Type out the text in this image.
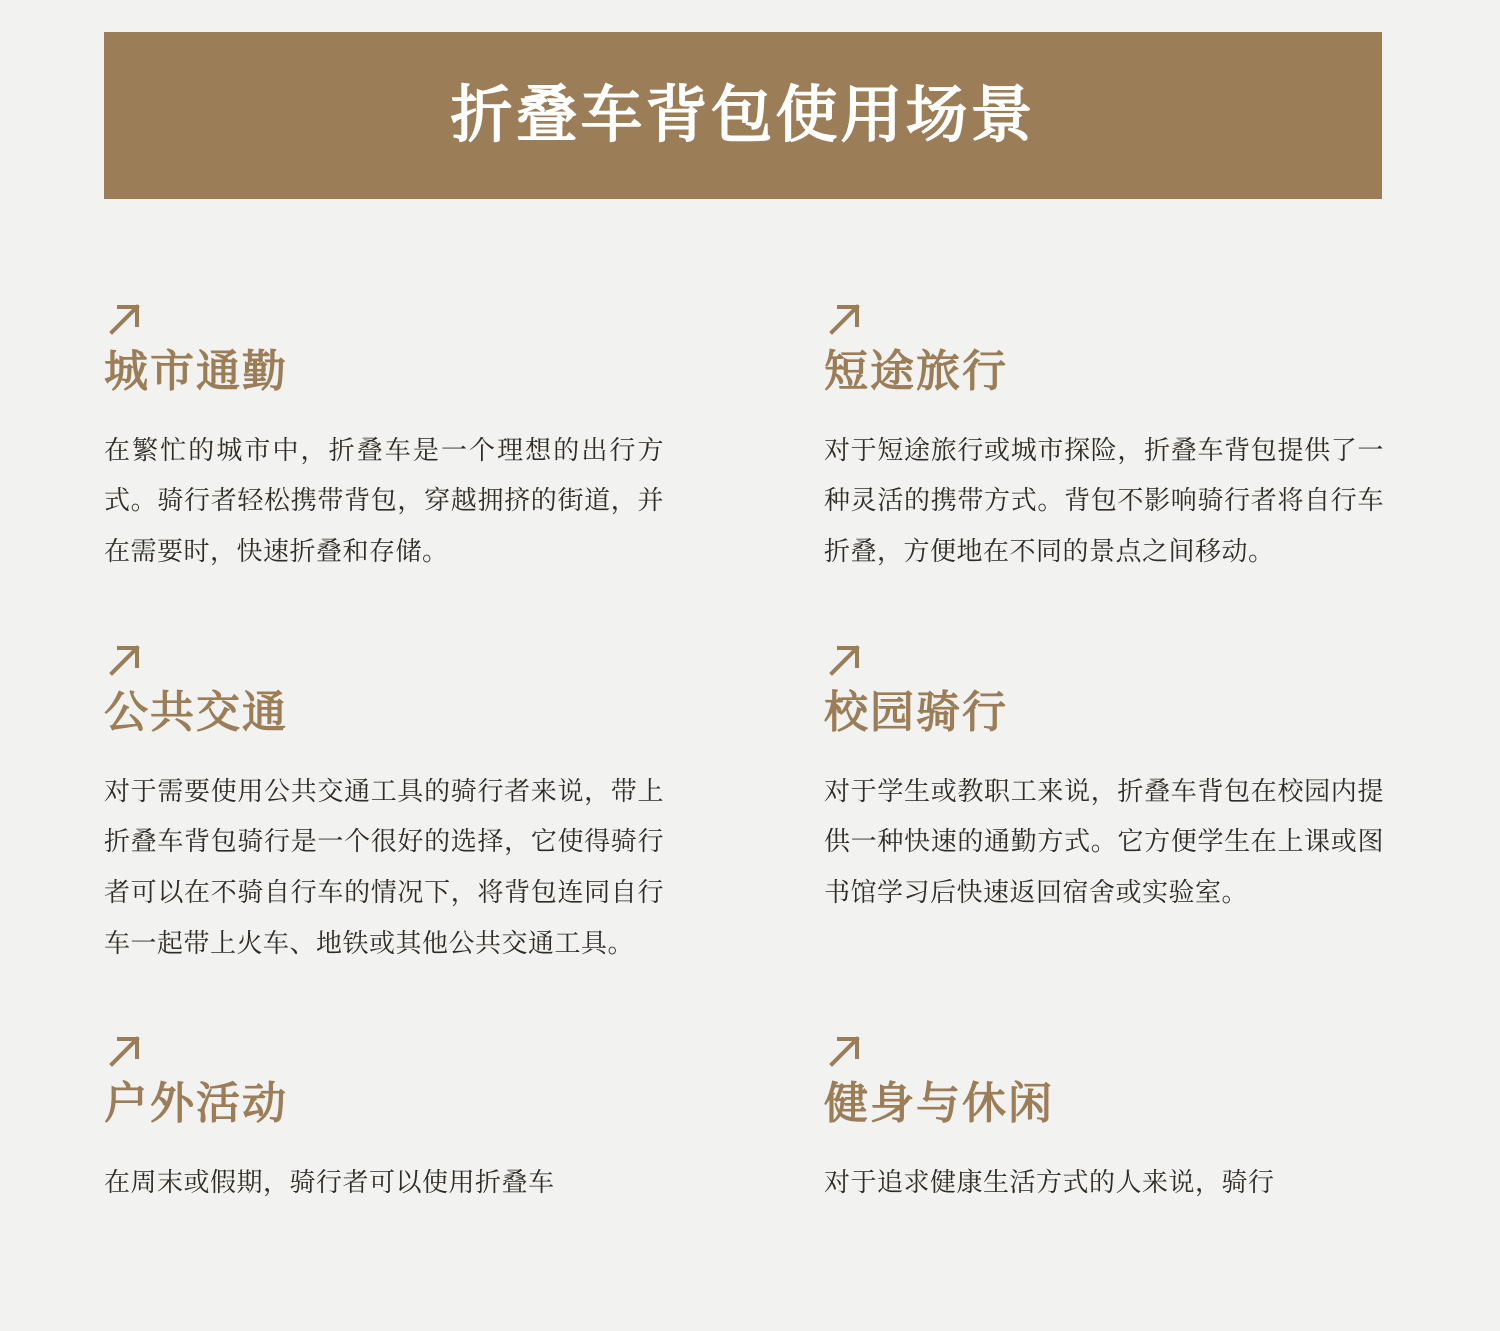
折叠车背包使用场景
城市通勤

在繁忙的城市中，折叠车是一个理想的出行方式。骑行者轻松携带背包，穿越拥挤的街道，并在需要时，快速折叠和存储。

短途旅行

对于短途旅行或城市探险，折叠车背包提供了一种灵活的携带方式。背包不影响骑行者将自行车折叠，方便地在不同的景点之间移动。

公共交通

对于需要使用公共交通工具的骑行者来说，带上折叠车背包骑行是一个很好的选择，它使得骑行者可以在不骑自行车的情况下，将背包连同自行车一起带上火车、地铁或其他公共交通工具。

校园骑行

对于学生或教职工来说，折叠车背包在校园内提供一种快速的通勤方式。它方便学生在上课或图书馆学习后快速返回宿舍或实验室。

户外活动

在周末或假期，骑行者可以使用折叠车

健身与休闲

对于追求健康生活方式的人来说，骑行
